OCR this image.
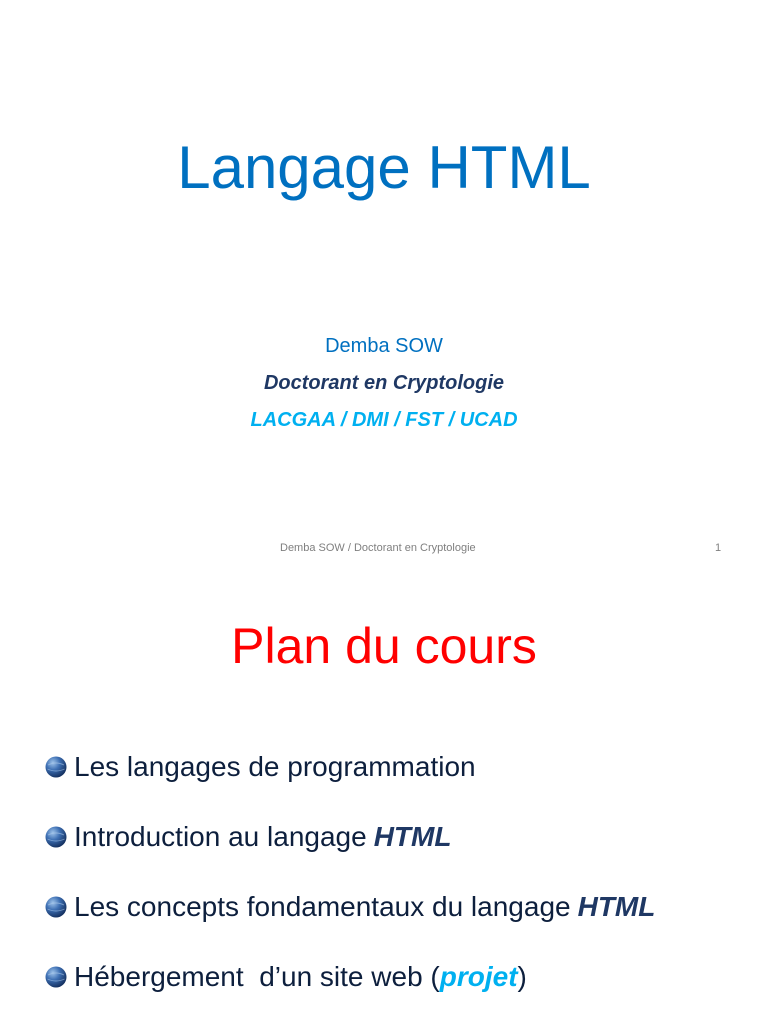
Langage HTML
Demba SOW
Doctorant en Cryptologie
LACGAA / DMI / FST / UCAD
Demba SOW / Doctorant en Cryptologie	1
Plan du cours
Les langages de programmation
Introduction au langage HTML
Les concepts fondamentaux du langage HTML
Hébergement  d’un site web ( projet )
